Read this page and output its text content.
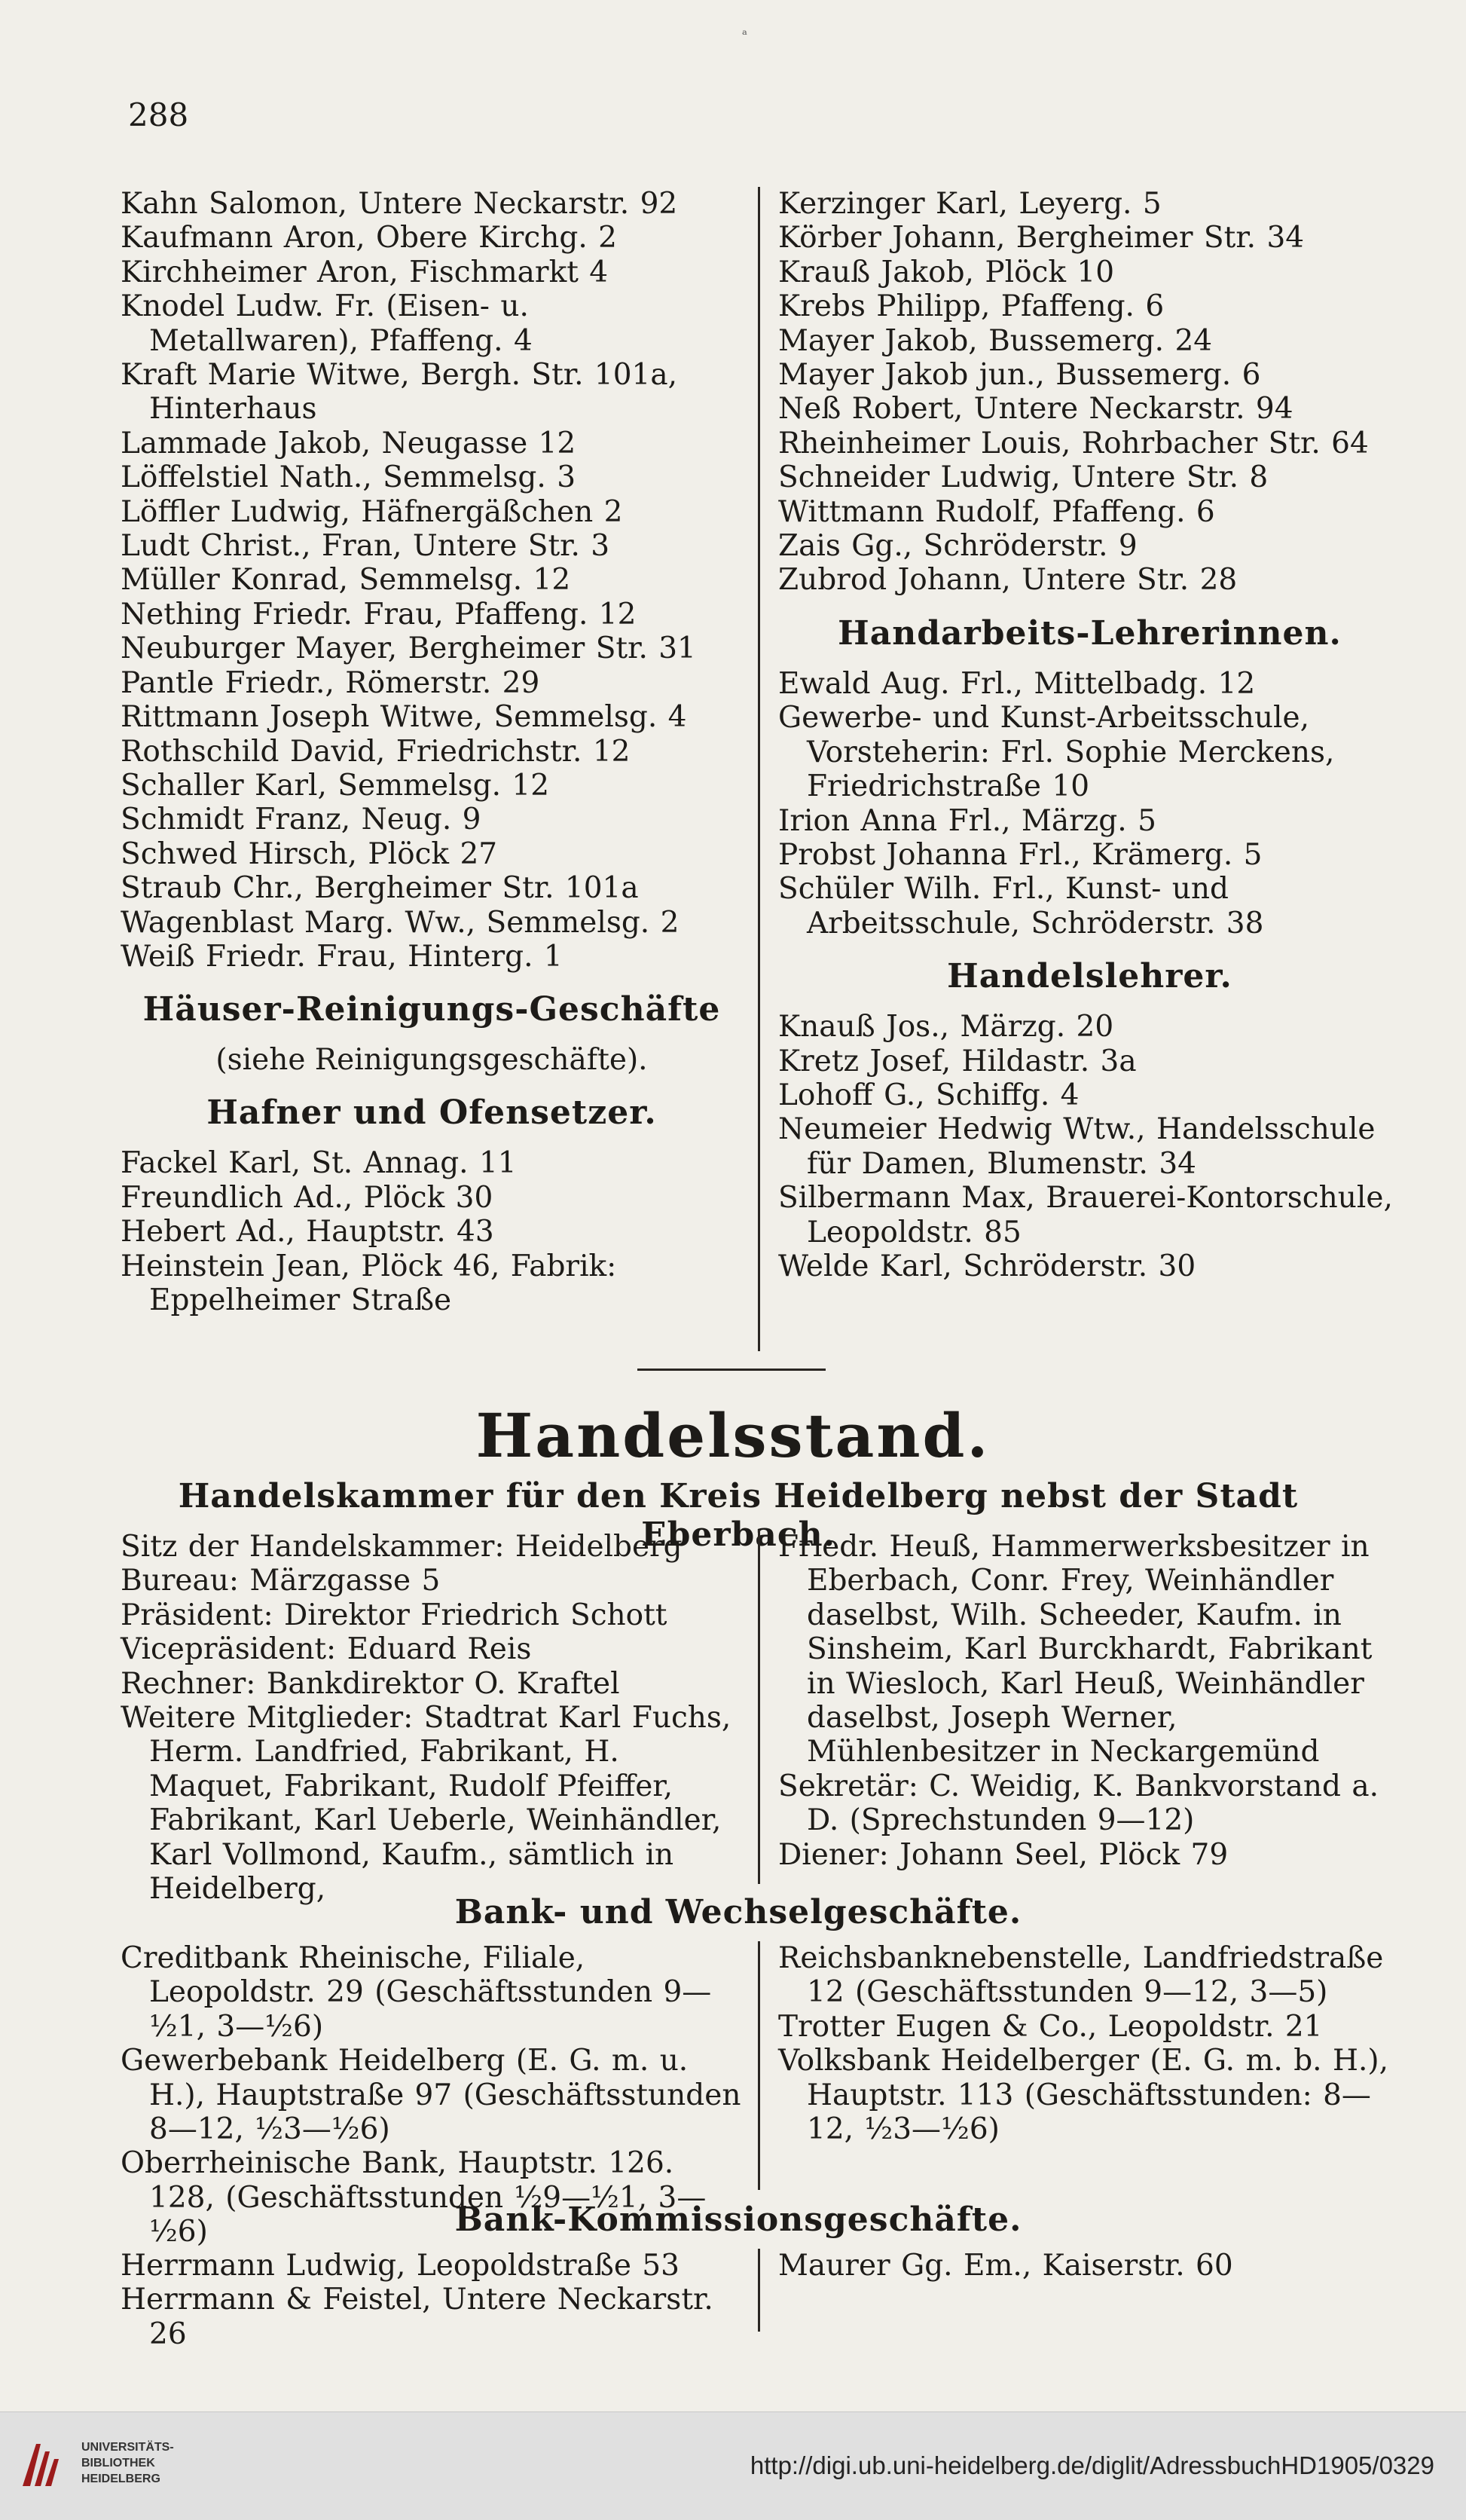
ᵃ
288
Kahn Salomon, Untere Neckarstr. 92
Kaufmann Aron, Obere Kirchg. 2
Kirchheimer Aron, Fischmarkt 4
Knodel Ludw. Fr. (Eisen- u. Metallwaren), Pfaffeng. 4
Kraft Marie Witwe, Bergh. Str. 101a, Hinterhaus
Lammade Jakob, Neugasse 12
Löffelstiel Nath., Semmelsg. 3
Löffler Ludwig, Häfnergäßchen 2
Ludt Christ., Fran, Untere Str. 3
Müller Konrad, Semmelsg. 12
Nething Friedr. Frau, Pfaffeng. 12
Neuburger Mayer, Bergheimer Str. 31
Pantle Friedr., Römerstr. 29
Rittmann Joseph Witwe, Semmelsg. 4
Rothschild David, Friedrichstr. 12
Schaller Karl, Semmelsg. 12
Schmidt Franz, Neug. 9
Schwed Hirsch, Plöck 27
Straub Chr., Bergheimer Str. 101a
Wagenblast Marg. Ww., Semmelsg. 2
Weiß Friedr. Frau, Hinterg. 1
Häuser-Reinigungs-Geschäfte
(siehe Reinigungsgeschäfte).
Hafner und Ofensetzer.
Fackel Karl, St. Annag. 11
Freundlich Ad., Plöck 30
Hebert Ad., Hauptstr. 43
Heinstein Jean, Plöck 46, Fabrik: Eppelheimer Straße
Kerzinger Karl, Leyerg. 5
Körber Johann, Bergheimer Str. 34
Krauß Jakob, Plöck 10
Krebs Philipp, Pfaffeng. 6
Mayer Jakob, Bussemerg. 24
Mayer Jakob jun., Bussemerg. 6
Neß Robert, Untere Neckarstr. 94
Rheinheimer Louis, Rohrbacher Str. 64
Schneider Ludwig, Untere Str. 8
Wittmann Rudolf, Pfaffeng. 6
Zais Gg., Schröderstr. 9
Zubrod Johann, Untere Str. 28
Handarbeits-Lehrerinnen.
Ewald Aug. Frl., Mittelbadg. 12
Gewerbe- und Kunst-Arbeitsschule, Vorsteherin: Frl. Sophie Merckens, Friedrichstraße 10
Irion Anna Frl., Märzg. 5
Probst Johanna Frl., Krämerg. 5
Schüler Wilh. Frl., Kunst- und Arbeitsschule, Schröderstr. 38
Handelslehrer.
Knauß Jos., Märzg. 20
Kretz Josef, Hildastr. 3a
Lohoff G., Schiffg. 4
Neumeier Hedwig Wtw., Handelsschule für Damen, Blumenstr. 34
Silbermann Max, Brauerei-Kontorschule, Leopoldstr. 85
Welde Karl, Schröderstr. 30
Handelsstand.
Handelskammer für den Kreis Heidelberg nebst der Stadt Eberbach.
Sitz der Handelskammer: Heidelberg
Bureau: Märzgasse 5
Präsident: Direktor Friedrich Schott
Vicepräsident: Eduard Reis
Rechner: Bankdirektor O. Kraftel
Weitere Mitglieder: Stadtrat Karl Fuchs, Herm. Landfried, Fabrikant, H. Maquet, Fabrikant, Rudolf Pfeiffer, Fabrikant, Karl Ueberle, Weinhändler, Karl Vollmond, Kaufm., sämtlich in Heidelberg,
Friedr. Heuß, Hammerwerksbesitzer in Eberbach, Conr. Frey, Weinhändler daselbst, Wilh. Scheeder, Kaufm. in Sinsheim, Karl Burckhardt, Fabrikant in Wiesloch, Karl Heuß, Weinhändler daselbst, Joseph Werner, Mühlenbesitzer in Neckargemünd
Sekretär: C. Weidig, K. Bankvorstand a. D. (Sprechstunden 9—12)
Diener: Johann Seel, Plöck 79
Bank- und Wechselgeschäfte.
Creditbank Rheinische, Filiale, Leopoldstr. 29 (Geschäftsstunden 9—½1, 3—½6)
Gewerbebank Heidelberg (E. G. m. u. H.), Hauptstraße 97 (Geschäftsstunden 8—12, ½3—½6)
Oberrheinische Bank, Hauptstr. 126. 128, (Geschäftsstunden ½9—½1, 3—½6)
Reichsbanknebenstelle, Landfriedstraße 12 (Geschäftsstunden 9—12, 3—5)
Trotter Eugen & Co., Leopoldstr. 21
Volksbank Heidelberger (E. G. m. b. H.), Hauptstr. 113 (Geschäftsstunden: 8—12, ½3—½6)
Bank-Kommissionsgeschäfte.
Herrmann Ludwig, Leopoldstraße 53
Herrmann & Feistel, Untere Neckarstr. 26
Maurer Gg. Em., Kaiserstr. 60
UNIVERSITÄTS-
BIBLIOTHEK
HEIDELBERG	http://digi.ub.uni-heidelberg.de/diglit/AdressbuchHD1905/0329
